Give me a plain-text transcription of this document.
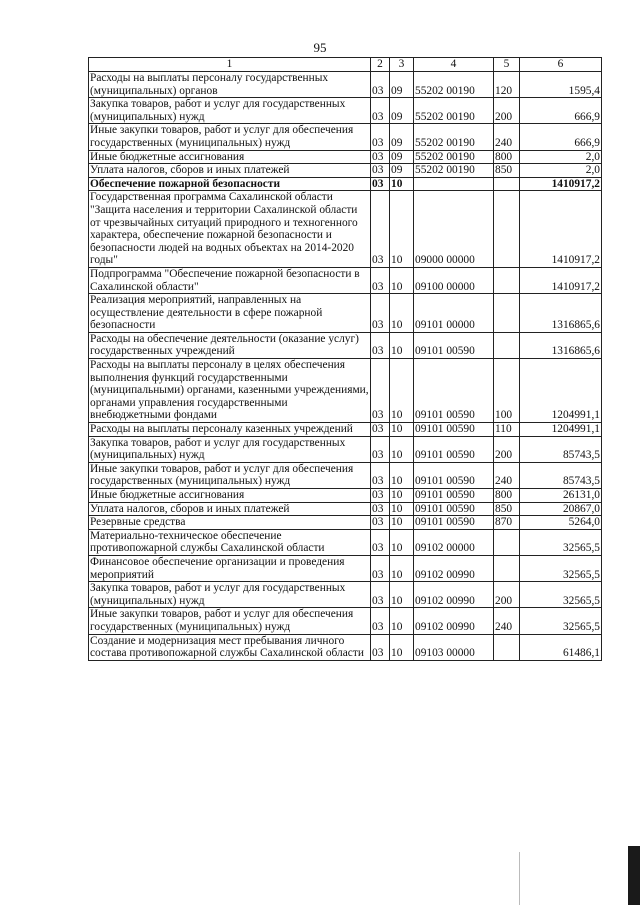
95
1	2	3	4	5	6
Расходы на выплаты персоналу государственных (муниципальных) органов	03	09	55202 00190	120	1595,4
Закупка товаров, работ и услуг для государственных (муниципальных) нужд	03	09	55202 00190	200	666,9
Иные закупки товаров, работ и услуг для обеспечения государственных (муниципальных) нужд	03	09	55202 00190	240	666,9
Иные бюджетные ассигнования	03	09	55202 00190	800	2,0
Уплата налогов, сборов и иных платежей	03	09	55202 00190	850	2,0
Обеспечение пожарной безопасности	03	10			1410917,2
Государственная программа Сахалинской области "Защита населения и территории Сахалинской области от чрезвычайных ситуаций природного и техногенного характера, обеспечение пожарной безопасности и безопасности людей на водных объектах на 2014-2020 годы"	03	10	09000 00000		1410917,2
Подпрограмма "Обеспечение пожарной безопасности в Сахалинской области"	03	10	09100 00000		1410917,2
Реализация мероприятий, направленных на осуществление деятельности в сфере пожарной безопасности	03	10	09101 00000		1316865,6
Расходы на обеспечение деятельности (оказание услуг) государственных учреждений	03	10	09101 00590		1316865,6
Расходы на выплаты персоналу в целях обеспечения выполнения функций государственными (муниципальными) органами, казенными учреждениями, органами управления государственными внебюджетными фондами	03	10	09101 00590	100	1204991,1
Расходы на выплаты персоналу казенных учреждений	03	10	09101 00590	110	1204991,1
Закупка товаров, работ и услуг для государственных (муниципальных) нужд	03	10	09101 00590	200	85743,5
Иные закупки товаров, работ и услуг для обеспечения государственных (муниципальных) нужд	03	10	09101 00590	240	85743,5
Иные бюджетные ассигнования	03	10	09101 00590	800	26131,0
Уплата налогов, сборов и иных платежей	03	10	09101 00590	850	20867,0
Резервные средства	03	10	09101 00590	870	5264,0
Материально-техническое обеспечение противопожарной службы Сахалинской области	03	10	09102 00000		32565,5
Финансовое обеспечение организации и проведения мероприятий	03	10	09102 00990		32565,5
Закупка товаров, работ и услуг для государственных (муниципальных) нужд	03	10	09102 00990	200	32565,5
Иные закупки товаров, работ и услуг для обеспечения государственных (муниципальных) нужд	03	10	09102 00990	240	32565,5
Создание и модернизация мест пребывания личного состава противопожарной службы Сахалинской области	03	10	09103 00000		61486,1
